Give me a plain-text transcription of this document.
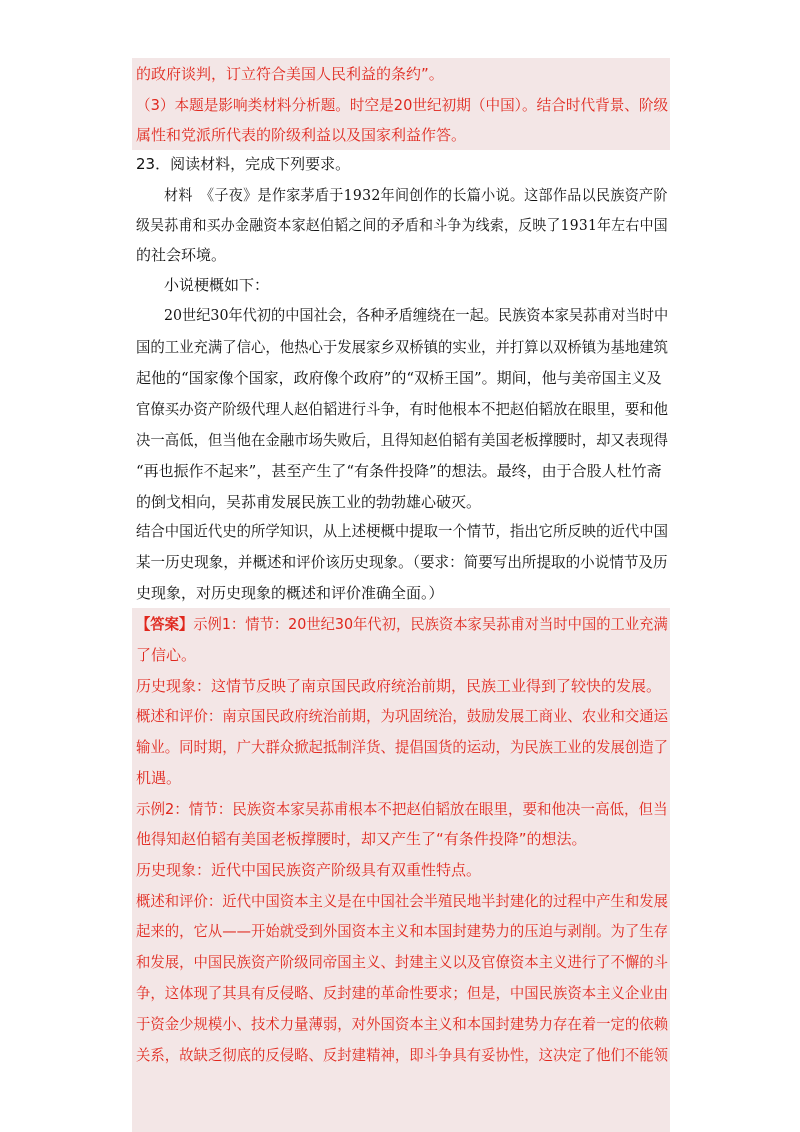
的政府谈判，订立符合美国人民利益的条约”。
（3）本题是影响类材料分析题。时空是20世纪初期（中国）。结合时代背景、阶级
属性和党派所代表的阶级利益以及国家利益作答。
23．阅读材料，完成下列要求。
材料　《子夜》是作家茅盾于1932年间创作的长篇小说。这部作品以民族资产阶
级吴荪甫和买办金融资本家赵伯韬之间的矛盾和斗争为线索，反映了1931年左右中国
的社会环境。
小说梗概如下：
20世纪30年代初的中国社会，各种矛盾缠绕在一起。民族资本家吴荪甫对当时中
国的工业充满了信心，他热心于发展家乡双桥镇的实业，并打算以双桥镇为基地建筑
起他的“国家像个国家，政府像个政府”的“双桥王国”。期间，他与美帝国主义及
官僚买办资产阶级代理人赵伯韬进行斗争，有时他根本不把赵伯韬放在眼里，要和他
决一高低，但当他在金融市场失败后，且得知赵伯韬有美国老板撑腰时，却又表现得
“再也振作不起来”，甚至产生了“有条件投降”的想法。最终，由于合股人杜竹斋
的倒戈相向，吴荪甫发展民族工业的勃勃雄心破灭。
结合中国近代史的所学知识，从上述梗概中提取一个情节，指出它所反映的近代中国
某一历史现象，并概述和评价该历史现象。（要求：简要写出所提取的小说情节及历
史现象，对历史现象的概述和评价准确全面。）
【答案】示例1：情节：20世纪30年代初，民族资本家吴荪甫对当时中国的工业充满
了信心。
历史现象：这情节反映了南京国民政府统治前期，民族工业得到了较快的发展。
概述和评价：南京国民政府统治前期，为巩固统治，鼓励发展工商业、农业和交通运
输业。同时期，广大群众掀起抵制洋货、提倡国货的运动，为民族工业的发展创造了
机遇。
示例2：情节：民族资本家吴荪甫根本不把赵伯韬放在眼里，要和他决一高低，但当
他得知赵伯韬有美国老板撑腰时，却又产生了“有条件投降”的想法。
历史现象：近代中国民族资产阶级具有双重性特点。
概述和评价：近代中国资本主义是在中国社会半殖民地半封建化的过程中产生和发展
起来的，它从——开始就受到外国资本主义和本国封建势力的压迫与剥削。为了生存
和发展，中国民族资产阶级同帝国主义、封建主义以及官僚资本主义进行了不懈的斗
争，这体现了其具有反侵略、反封建的革命性要求；但是，中国民族资本主义企业由
于资金少规模小、技术力量薄弱，对外国资本主义和本国封建势力存在着一定的依赖
关系，故缺乏彻底的反侵略、反封建精神，即斗争具有妥协性，这决定了他们不能领
